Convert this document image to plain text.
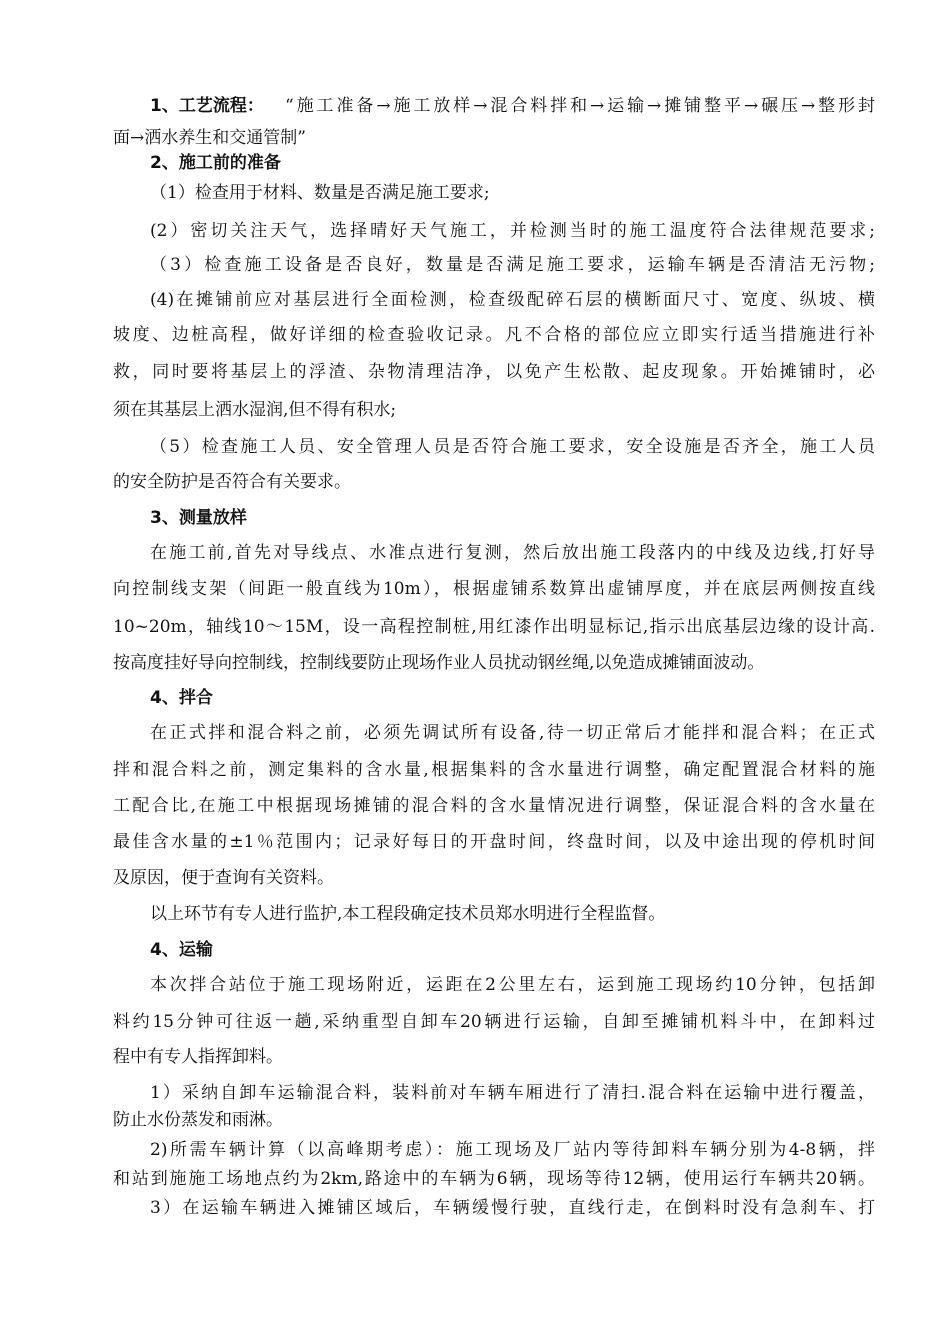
1、工艺流程： “施工准备→施工放样→混合料拌和→运输→摊铺整平→碾压→整形封
面→洒水养生和交通管制”
2、施工前的准备
（1）检查用于材料、数量是否满足施工要求;
(2）密切关注天气，选择晴好天气施工，并检测当时的施工温度符合法律规范要求;
（3）检查施工设备是否良好，数量是否满足施工要求，运输车辆是否清洁无污物;
(4)在摊铺前应对基层进行全面检测，检查级配碎石层的横断面尺寸、宽度、纵坡、横
坡度、边桩高程，做好详细的检查验收记录。凡不合格的部位应立即实行适当措施进行补
救，同时要将基层上的浮渣、杂物清理洁净，以免产生松散、起皮现象。开始摊铺时，必
须在其基层上洒水湿润,但不得有积水;
（5）检查施工人员、安全管理人员是否符合施工要求，安全设施是否齐全，施工人员
的安全防护是否符合有关要求。
3、测量放样
在施工前,首先对导线点、水准点进行复测，然后放出施工段落内的中线及边线,打好导
向控制线支架（间距一般直线为10m），根据虚铺系数算出虚铺厚度，并在底层两侧按直线
10~20m，轴线10～15M，设一高程控制桩,用红漆作出明显标记,指示出底基层边缘的设计高.
按高度挂好导向控制线，控制线要防止现场作业人员扰动钢丝绳,以免造成摊铺面波动。
4、拌合
在正式拌和混合料之前，必须先调试所有设备,待一切正常后才能拌和混合料；在正式
拌和混合料之前，测定集料的含水量,根据集料的含水量进行调整，确定配置混合材料的施
工配合比,在施工中根据现场摊铺的混合料的含水量情况进行调整，保证混合料的含水量在
最佳含水量的±1％范围内；记录好每日的开盘时间，终盘时间，以及中途出现的停机时间
及原因，便于查询有关资料。
以上环节有专人进行监护,本工程段确定技术员郑水明进行全程监督。
4、运输
本次拌合站位于施工现场附近，运距在2公里左右，运到施工现场约10分钟，包括卸
料约15分钟可往返一趟,采纳重型自卸车20辆进行运输，自卸至摊铺机料斗中，在卸料过
程中有专人指挥卸料。
1）采纳自卸车运输混合料，装料前对车辆车厢进行了清扫.混合料在运输中进行覆盖，
防止水份蒸发和雨淋。
2)所需车辆计算（以高峰期考虑）：施工现场及厂站内等待卸料车辆分别为4-8辆，拌
和站到施施工场地点约为2km,路途中的车辆为6辆，现场等待12辆，使用运行车辆共20辆。
3）在运输车辆进入摊铺区域后，车辆缓慢行驶，直线行走，在倒料时没有急刹车、打
